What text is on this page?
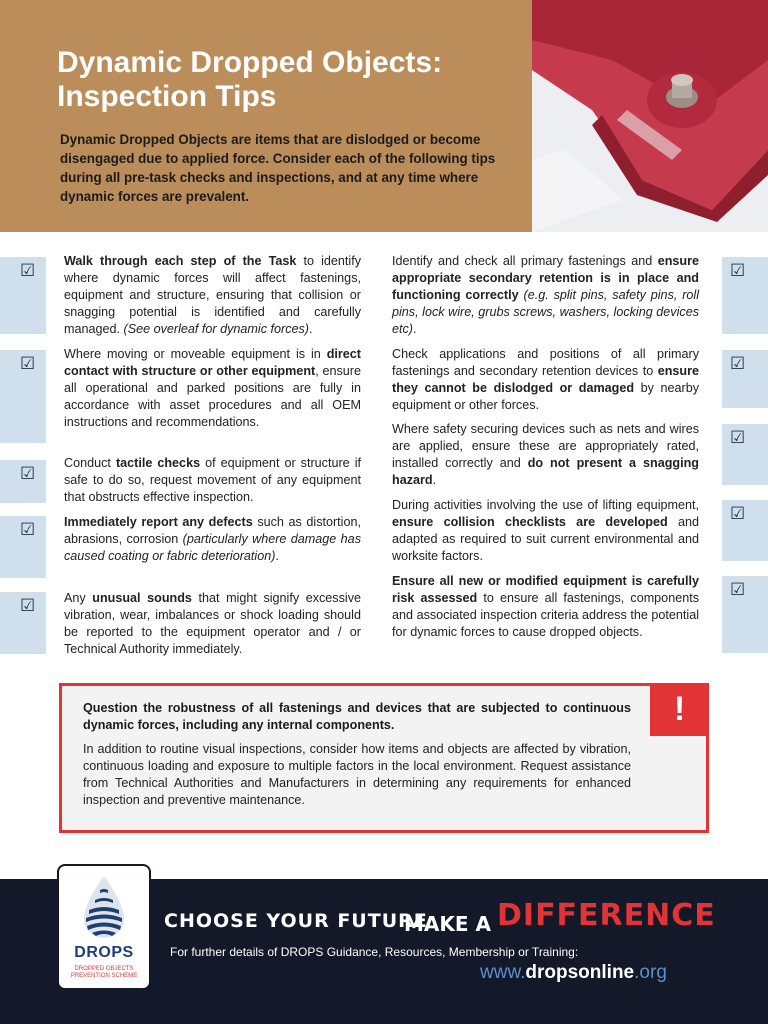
Dynamic Dropped Objects:
Inspection Tips
Dynamic Dropped Objects are items that are dislodged or become disengaged due to applied force. Consider each of the following tips during all pre-task checks and inspections, and at any time where dynamic forces are prevalent.
☑
☑
☑
☑
☑
☑
☑
☑
☑
☑

Walk through each step of the Task to identify where dynamic forces will affect fastenings, equipment and structure, ensuring that collision or snagging potential is identified and carefully managed. (See overleaf for dynamic forces).

Where moving or moveable equipment is in direct contact with structure or other equipment, ensure all operational and parked positions are fully in accordance with asset procedures and all OEM instructions and recommendations.

Conduct tactile checks of equipment or structure if safe to do so, request movement of any equipment that obstructs effective inspection.

Immediately report any defects such as distortion, abrasions, corrosion (particularly where damage has caused coating or fabric deterioration).

Any unusual sounds that might signify excessive vibration, wear, imbalances or shock loading should be reported to the equipment operator and / or Technical Authority immediately.

Identify and check all primary fastenings and ensure appropriate secondary retention is in place and functioning correctly (e.g. split pins, safety pins, roll pins, lock wire, grubs screws, washers, locking devices etc).

Check applications and positions of all primary fastenings and secondary retention devices to ensure they cannot be dislodged or damaged by nearby equipment or other forces.

Where safety securing devices such as nets and wires are applied, ensure these are appropriately rated, installed correctly and do not present a snagging hazard.

During activities involving the use of lifting equipment, ensure collision checklists are developed and adapted as required to suit current environmental and worksite factors.

Ensure all new or modified equipment is carefully risk assessed to ensure all fastenings, components and associated inspection criteria address the potential for dynamic forces to cause dropped objects.

!

Question the robustness of all fastenings and devices that are subjected to continuous dynamic forces, including any internal components.

In addition to routine visual inspections, consider how items and objects are affected by vibration, continuous loading and exposure to multiple factors in the local environment. Request assistance from Technical Authorities and Manufacturers in determining any requirements for enhanced inspection and preventive maintenance.

DROPS
DROPPED OBJECTS
PREVENTION SCHEME
CHOOSE YOUR FUTURE
MAKE A DIFFERENCE
For further details of DROPS Guidance, Resources, Membership or Training:
www.dropsonline.org
